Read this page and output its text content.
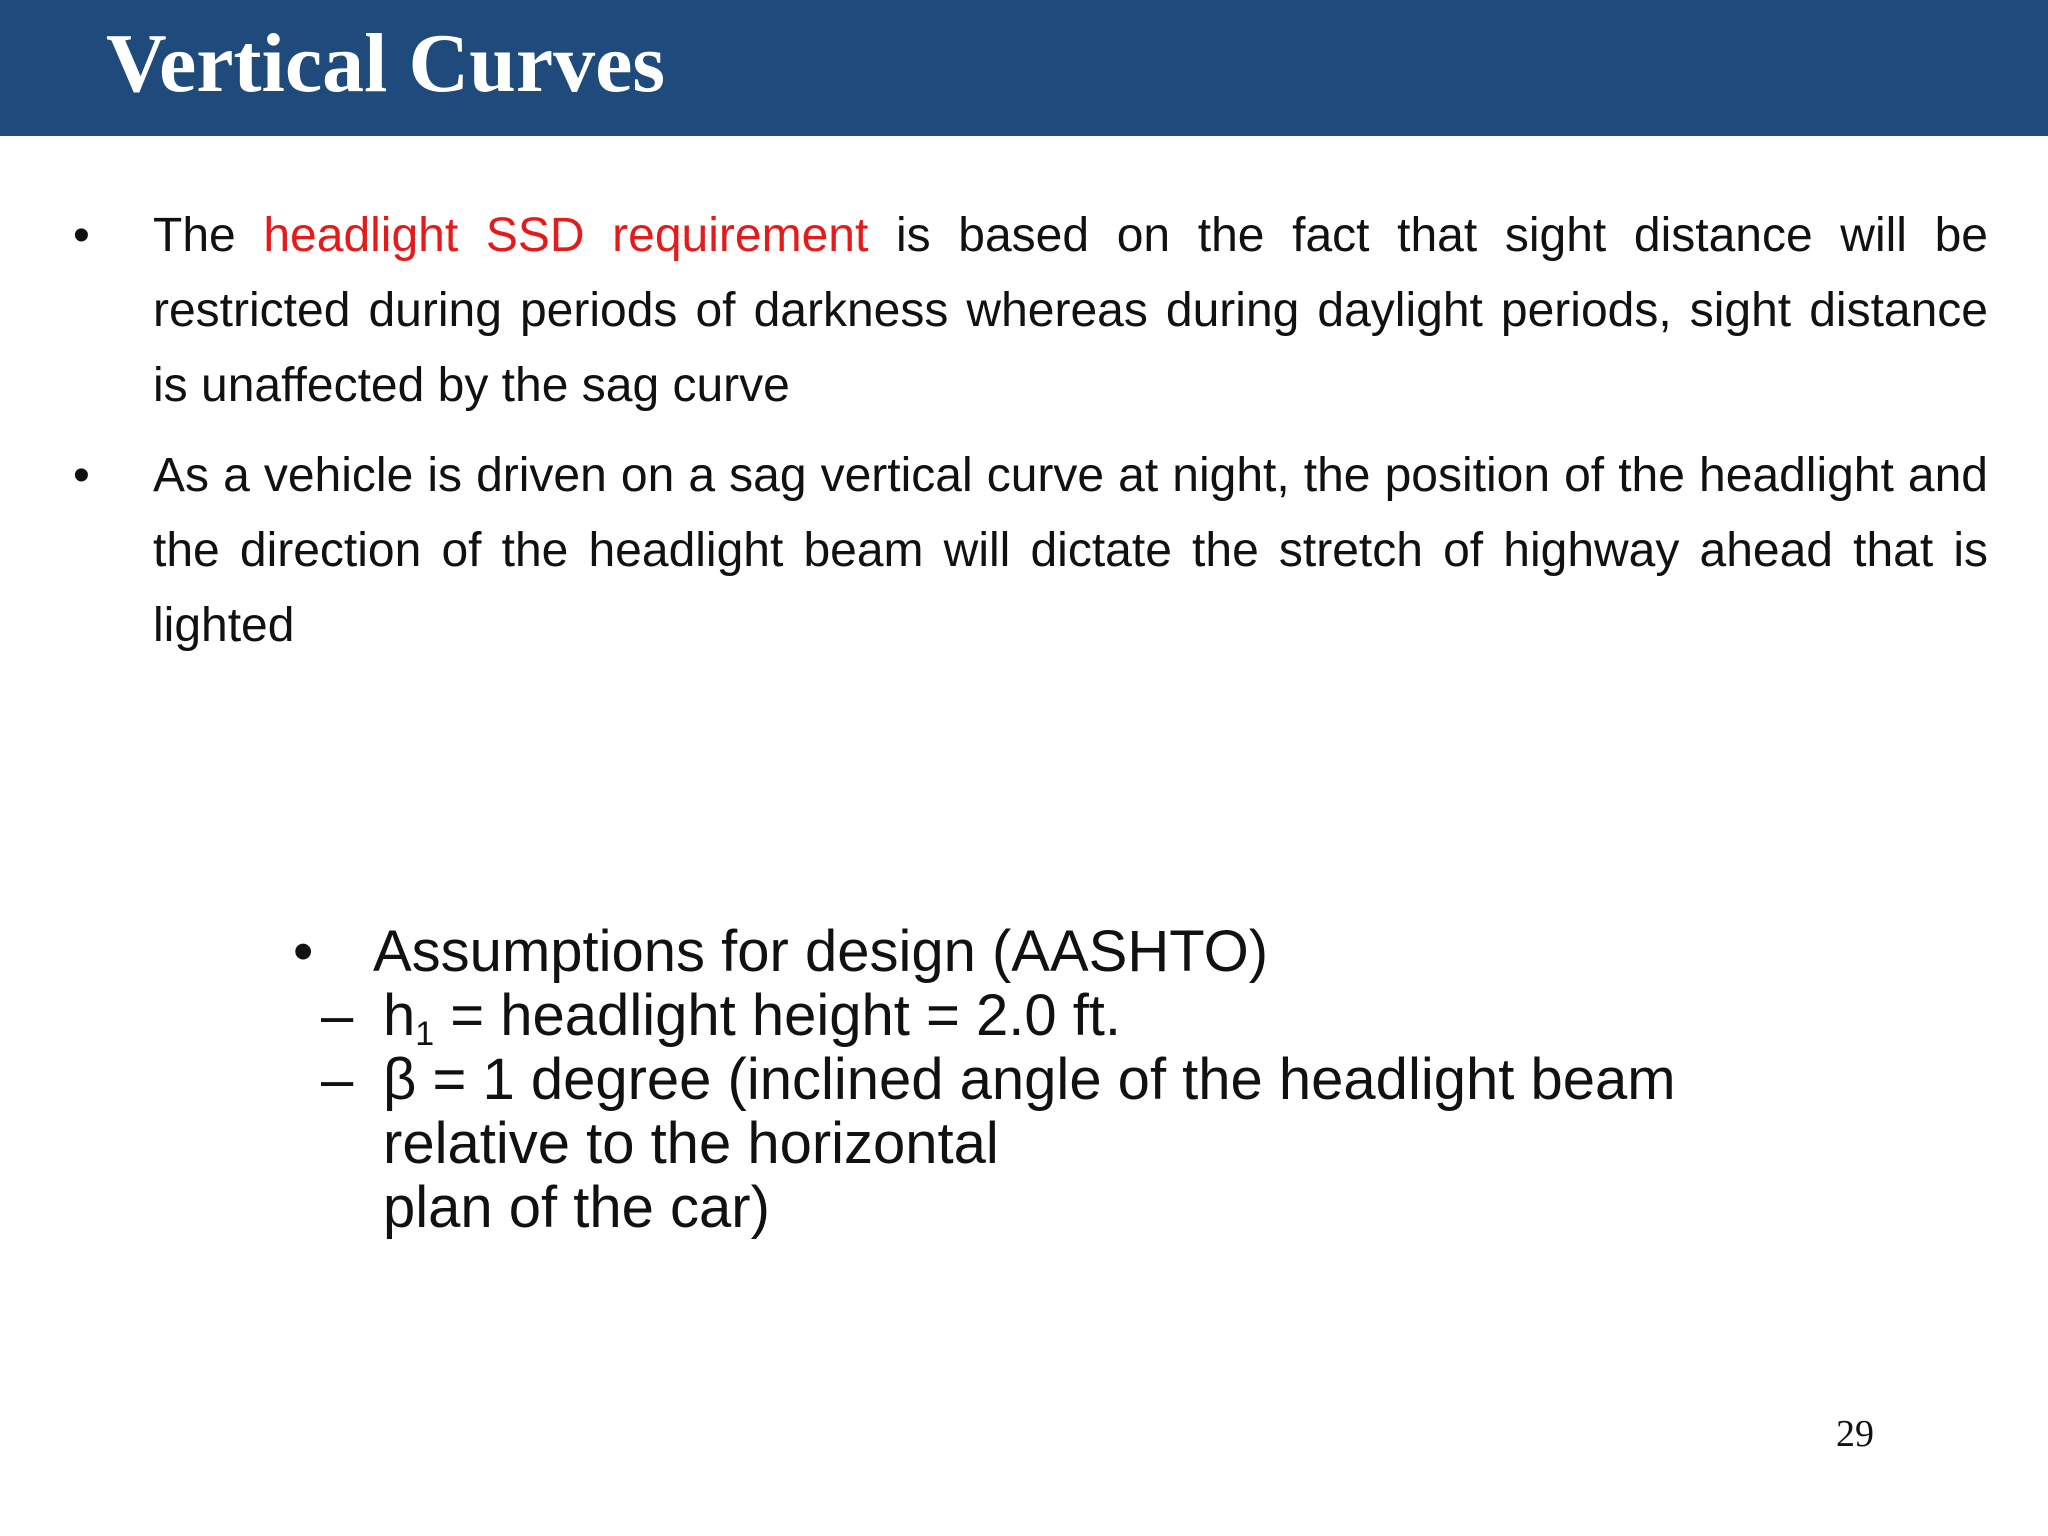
Vertical Curves

• The headlight SSD requirement is based on the fact that sight distance will be restricted during periods of darkness whereas during daylight periods, sight distance is unaffected by the sag curve

• As a vehicle is driven on a sag vertical curve at night, the position of the headlight and the direction of the headlight beam will dictate the stretch of highway ahead that is lighted

• Assumptions for design (AASHTO)
– $h_1$ = headlight height = 2.0 ft.
– β = 1 degree (inclined angle of the headlight beam
relative to the horizontal
plan of the car)
29
